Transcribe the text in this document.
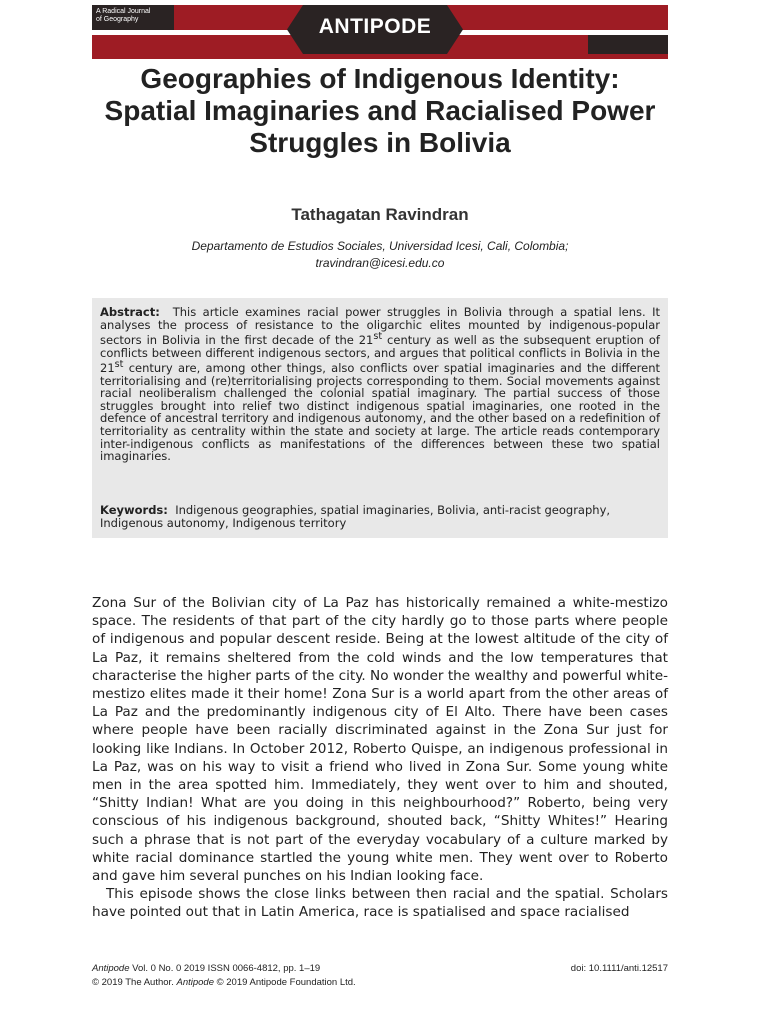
A Radical Journal
of Geography	ANTIPODE
Geographies of Indigenous Identity: Spatial Imaginaries and Racialised Power Struggles in Bolivia
Tathagatan Ravindran
Departamento de Estudios Sociales, Universidad Icesi, Cali, Colombia;
travindran@icesi.edu.co
Abstract: This article examines racial power struggles in Bolivia through a spatial lens. It analyses the process of resistance to the oligarchic elites mounted by indigenous-popular sectors in Bolivia in the first decade of the 21st century as well as the subsequent eruption of conflicts between different indigenous sectors, and argues that political conflicts in Bolivia in the 21st century are, among other things, also conflicts over spatial imaginaries and the different territorialising and (re)territorialising projects corresponding to them. Social movements against racial neoliberalism challenged the colonial spatial imaginary. The partial success of those struggles brought into relief two distinct indigenous spatial imaginaries, one rooted in the defence of ancestral territory and indigenous autonomy, and the other based on a redefinition of territoriality as centrality within the state and society at large. The article reads contemporary inter-indigenous conflicts as manifestations of the differences between these two spatial imaginaries.
Keywords: Indigenous geographies, spatial imaginaries, Bolivia, anti-racist geography, Indigenous autonomy, Indigenous territory

Zona Sur of the Bolivian city of La Paz has historically remained a white-mestizo space. The residents of that part of the city hardly go to those parts where people of indigenous and popular descent reside. Being at the lowest altitude of the city of La Paz, it remains sheltered from the cold winds and the low temperatures that characterise the higher parts of the city. No wonder the wealthy and powerful white-mestizo elites made it their home! Zona Sur is a world apart from the other areas of La Paz and the predominantly indigenous city of El Alto. There have been cases where people have been racially discriminated against in the Zona Sur just for looking like Indians. In October 2012, Roberto Quispe, an indigenous professional in La Paz, was on his way to visit a friend who lived in Zona Sur. Some young white men in the area spotted him. Immediately, they went over to him and shouted, “Shitty Indian! What are you doing in this neighbourhood?” Roberto, being very conscious of his indigenous background, shouted back, “Shitty Whites!” Hearing such a phrase that is not part of the everyday vocabulary of a culture marked by white racial dominance startled the young white men. They went over to Roberto and gave him several punches on his Indian looking face.

This episode shows the close links between then racial and the spatial. Scholars have pointed out that in Latin America, race is spatialised and space racialised

Antipode Vol. 0 No. 0 2019 ISSN 0066-4812, pp. 1–19	doi: 10.1111/anti.12517
© 2019 The Author. Antipode © 2019 Antipode Foundation Ltd.
